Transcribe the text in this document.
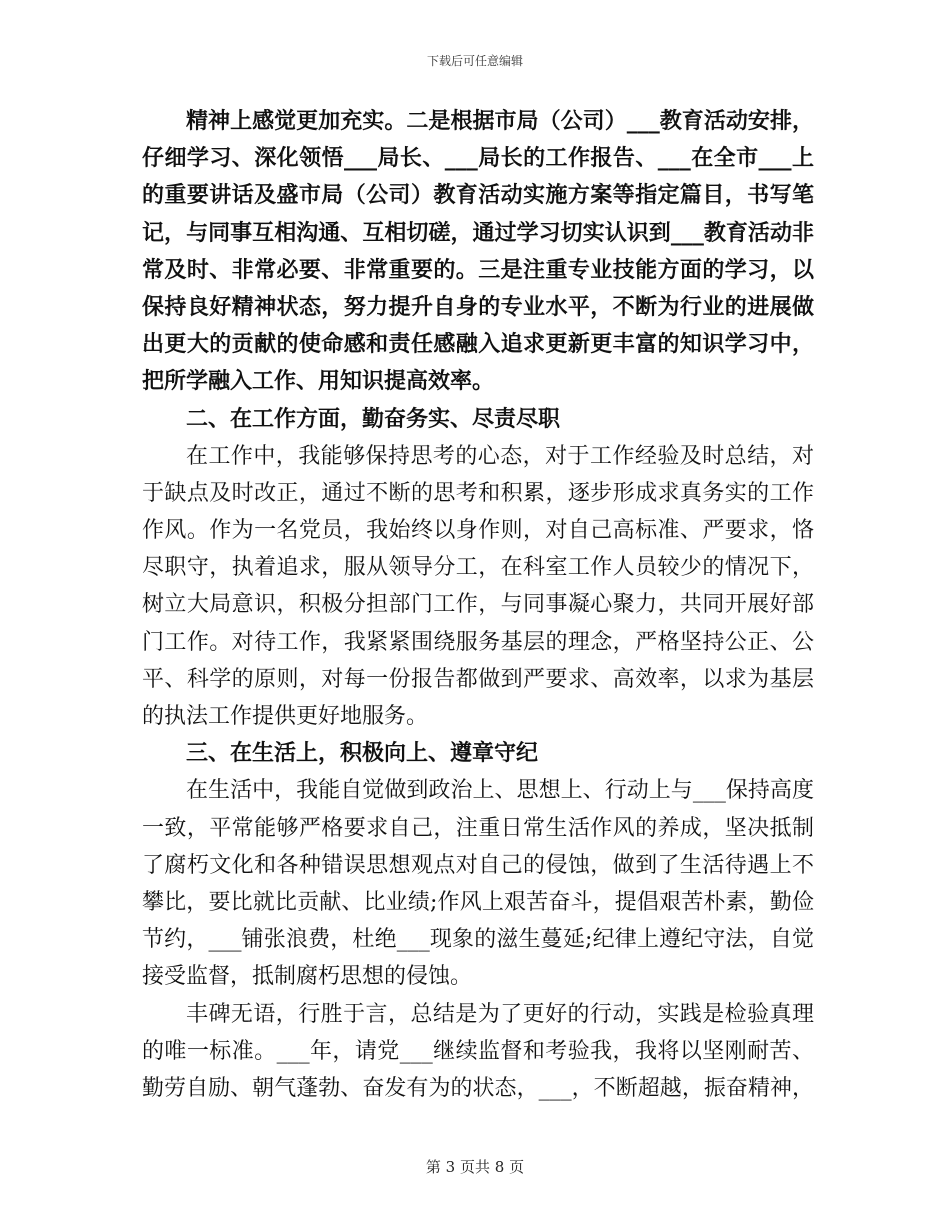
下载后可任意编辑
精神上感觉更加充实。二是根据市局（公司）___教育活动安排，
仔细学习、深化领悟___局长、___局长的工作报告、___在全市___上
的重要讲话及盛市局（公司）教育活动实施方案等指定篇目，书写笔
记，与同事互相沟通、互相切磋，通过学习切实认识到___教育活动非
常及时、非常必要、非常重要的。三是注重专业技能方面的学习，以
保持良好精神状态，努力提升自身的专业水平，不断为行业的进展做
出更大的贡献的使命感和责任感融入追求更新更丰富的知识学习中，
把所学融入工作、用知识提高效率。
二、在工作方面，勤奋务实、尽责尽职
在工作中，我能够保持思考的心态，对于工作经验及时总结，对
于缺点及时改正，通过不断的思考和积累，逐步形成求真务实的工作
作风。作为一名党员，我始终以身作则，对自己高标准、严要求，恪
尽职守，执着追求，服从领导分工，在科室工作人员较少的情况下，
树立大局意识，积极分担部门工作，与同事凝心聚力，共同开展好部
门工作。对待工作，我紧紧围绕服务基层的理念，严格坚持公正、公
平、科学的原则，对每一份报告都做到严要求、高效率，以求为基层
的执法工作提供更好地服务。
三、在生活上，积极向上、遵章守纪
在生活中，我能自觉做到政治上、思想上、行动上与___保持高度
一致，平常能够严格要求自己，注重日常生活作风的养成，坚决抵制
了腐朽文化和各种错误思想观点对自己的侵蚀，做到了生活待遇上不
攀比，要比就比贡献、比业绩;作风上艰苦奋斗，提倡艰苦朴素，勤俭
节约，___铺张浪费，杜绝___现象的滋生蔓延;纪律上遵纪守法，自觉
接受监督，抵制腐朽思想的侵蚀。
丰碑无语，行胜于言，总结是为了更好的行动，实践是检验真理
的唯一标准。___年，请党___继续监督和考验我，我将以坚刚耐苦、
勤劳自励、朝气蓬勃、奋发有为的状态，___，不断超越，振奋精神，
第 3 页共 8 页
